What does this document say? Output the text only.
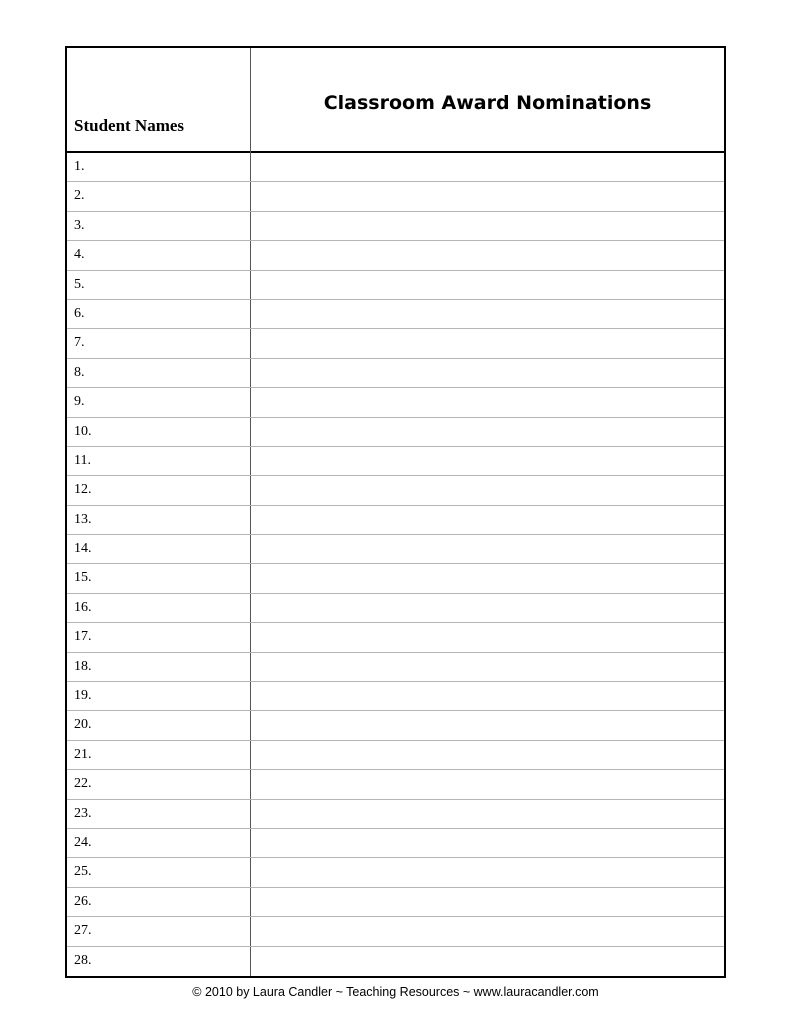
Student Names
Classroom Award Nominations
1.
2.
3.
4.
5.
6.
7.
8.
9.
10.
11.
12.
13.
14.
15.
16.
17.
18.
19.
20.
21.
22.
23.
24.
25.
26.
27.
28.
© 2010 by Laura Candler ~ Teaching Resources ~ www.lauracandler.com
